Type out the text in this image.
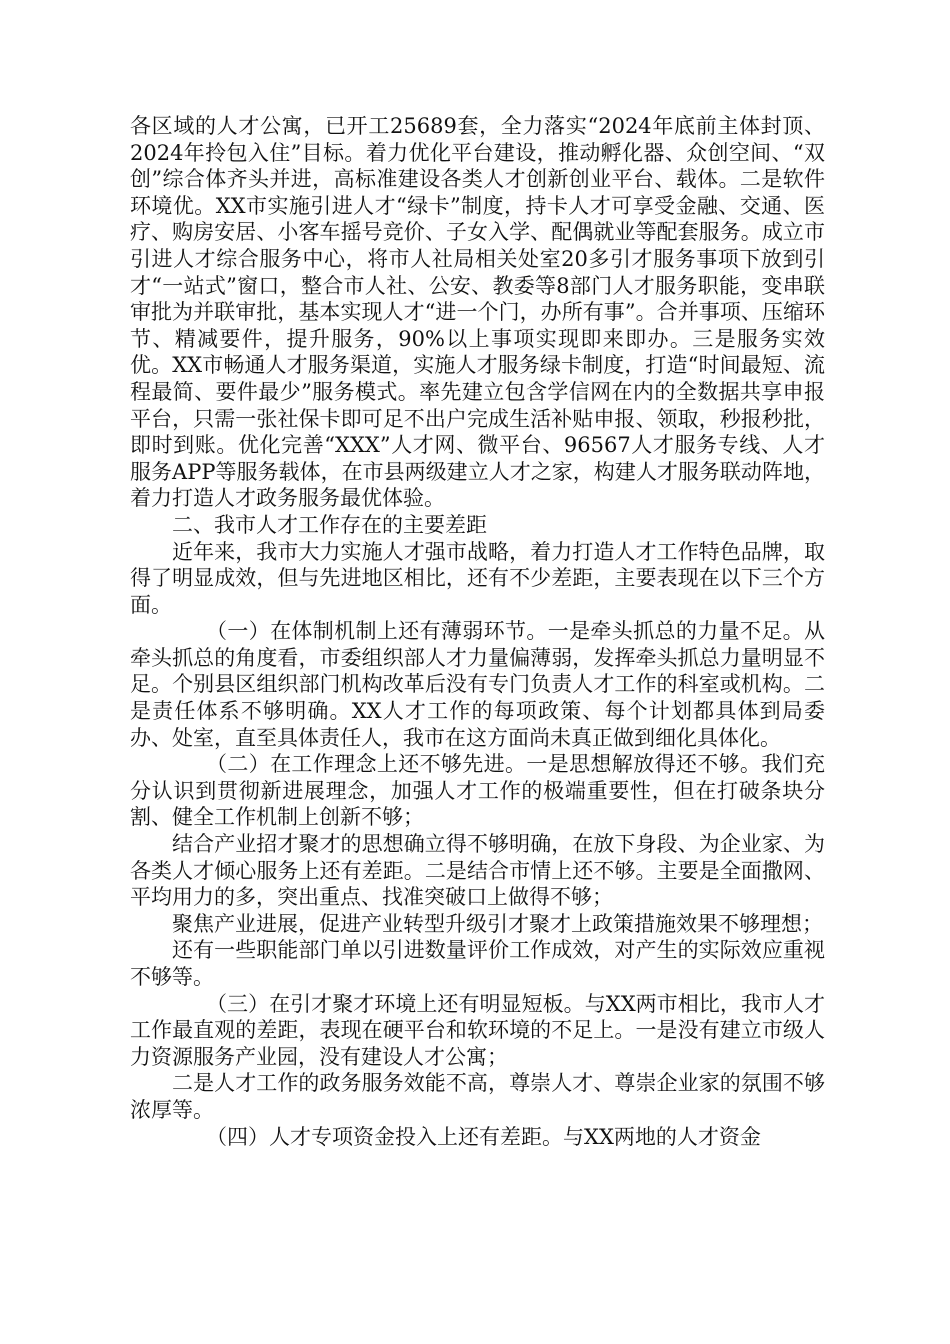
各区域的人才公寓，已开工25689套，全力落实“2024年底前主体封顶、2024年拎包入住”目标。着力优化平台建设，推动孵化器、众创空间、“双创”综合体齐头并进，高标准建设各类人才创新创业平台、载体。二是软件环境优。XX市实施引进人才“绿卡”制度，持卡人才可享受金融、交通、医疗、购房安居、小客车摇号竞价、子女入学、配偶就业等配套服务。成立市引进人才综合服务中心，将市人社局相关处室20多引才服务事项下放到引才“一站式”窗口，整合市人社、公安、教委等8部门人才服务职能，变串联审批为并联审批，基本实现人才“进一个门，办所有事”。合并事项、压缩环节、精减要件，提升服务，90%以上事项实现即来即办。三是服务实效优。XX市畅通人才服务渠道，实施人才服务绿卡制度，打造“时间最短、流程最简、要件最少”服务模式。率先建立包含学信网在内的全数据共享申报平台，只需一张社保卡即可足不出户完成生活补贴申报、领取，秒报秒批，即时到账。优化完善“XXX”人才网、微平台、96567人才服务专线、人才服务APP等服务载体，在市县两级建立人才之家，构建人才服务联动阵地，着力打造人才政务服务最优体验。

二、我市人才工作存在的主要差距

近年来，我市大力实施人才强市战略，着力打造人才工作特色品牌，取得了明显成效，但与先进地区相比，还有不少差距，主要表现在以下三个方面。

（一）在体制机制上还有薄弱环节。一是牵头抓总的力量不足。从牵头抓总的角度看，市委组织部人才力量偏薄弱，发挥牵头抓总力量明显不足。个别县区组织部门机构改革后没有专门负责人才工作的科室或机构。二是责任体系不够明确。XX人才工作的每项政策、每个计划都具体到局委办、处室，直至具体责任人，我市在这方面尚未真正做到细化具体化。

（二）在工作理念上还不够先进。一是思想解放得还不够。我们充分认识到贯彻新进展理念，加强人才工作的极端重要性，但在打破条块分割、健全工作机制上创新不够；

结合产业招才聚才的思想确立得不够明确，在放下身段、为企业家、为各类人才倾心服务上还有差距。二是结合市情上还不够。主要是全面撒网、平均用力的多，突出重点、找准突破口上做得不够；

聚焦产业进展，促进产业转型升级引才聚才上政策措施效果不够理想；

还有一些职能部门单以引进数量评价工作成效，对产生的实际效应重视不够等。

（三）在引才聚才环境上还有明显短板。与XX两市相比，我市人才工作最直观的差距，表现在硬平台和软环境的不足上。一是没有建立市级人力资源服务产业园，没有建设人才公寓；

二是人才工作的政务服务效能不高，尊崇人才、尊崇企业家的氛围不够浓厚等。

（四）人才专项资金投入上还有差距。与XX两地的人才资金
